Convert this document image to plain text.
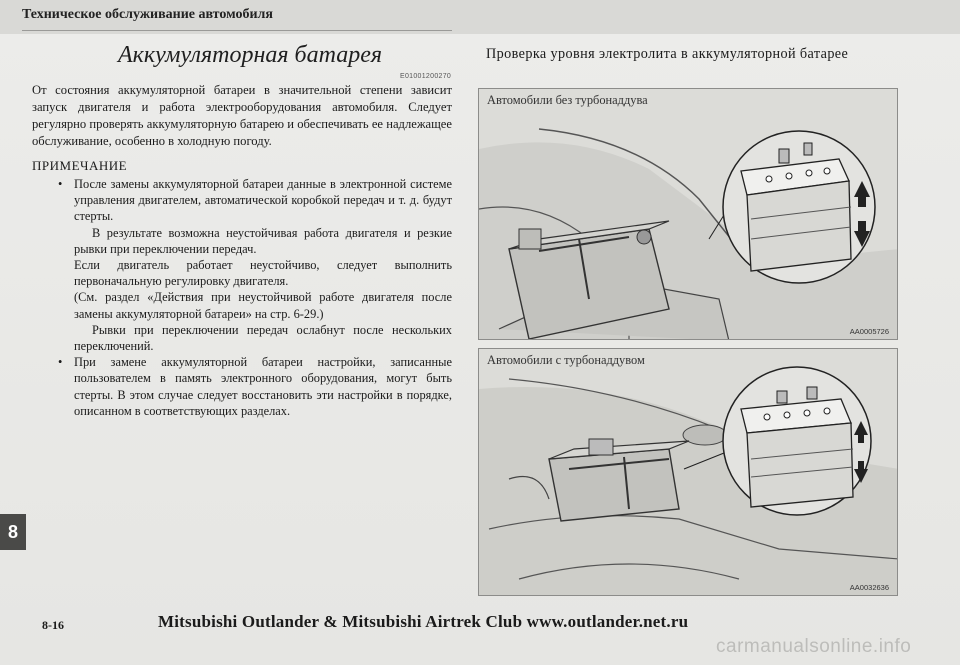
Техническое обслуживание автомобиля
Аккумуляторная батарея
E01001200270

От состояния аккумуляторной батареи в значительной степени зависит запуск двигателя и работа электрооборудования автомобиля. Следует регулярно проверять аккумуляторную батарею и обеспечивать ее надлежащее обслуживание, особенно в холодную погоду.

ПРИМЕЧАНИЕ

• После замены аккумуляторной батареи данные в электронной системе управления двигателем, автоматической коробкой передач и т. д. будут стерты.

В результате возможна неустойчивая работа двигателя и резкие рывки при переключении передач.

Если двигатель работает неустойчиво, следует выполнить первоначальную регулировку двигателя.

(См. раздел «Действия при неустойчивой работе двигателя после замены аккумуляторной батареи» на стр. 6-29.)

Рывки при переключении передач ослабнут после нескольких переключений.

• При замене аккумуляторной батареи настройки, записанные пользователем в память электронного оборудования, могут быть стерты. В этом случае следует восстановить эти настройки в порядке, описанном в соответствующих разделах.

Проверка уровня электролита в аккумуляторной батарее
Автомобили без турбонаддува
AA0005726
Автомобили с турбонаддувом
AA0032636
8
8-16	Mitsubishi Outlander & Mitsubishi Airtrek Club www.outlander.net.ru
carmanualsonline.info
